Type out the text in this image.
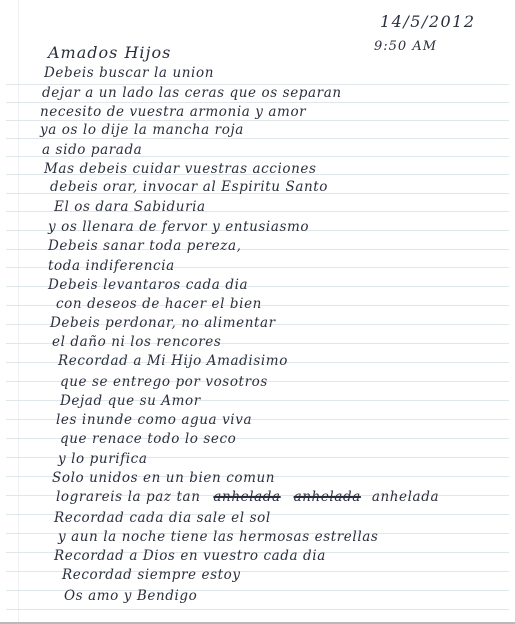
14/5/2012
9:50 AM
Amados Hijos
Debeis buscar la union
dejar a un lado las ceras que os separan
necesito de vuestra armonia y amor
ya os lo dije la mancha roja
a sido parada
Mas debeis cuidar vuestras acciones
debeis orar, invocar al Espiritu Santo
El os dara Sabiduria
y os llenara de fervor y entusiasmo
Debeis sanar toda pereza,
toda indiferencia
Debeis levantaros cada dia
con deseos de hacer el bien
Debeis perdonar, no alimentar
el daño ni los rencores
Recordad a Mi Hijo Amadisimo
que se entrego por vosotros
Dejad que su Amor
les inunde como agua viva
que renace todo lo seco
y lo purifica
Solo unidos en un bien comun
lograreis la paz tan anhelada anhelada anhelada
Recordad cada dia sale el sol
y aun la noche tiene las hermosas estrellas
Recordad a Dios en vuestro cada dia
Recordad siempre estoy
Os amo y Bendigo
